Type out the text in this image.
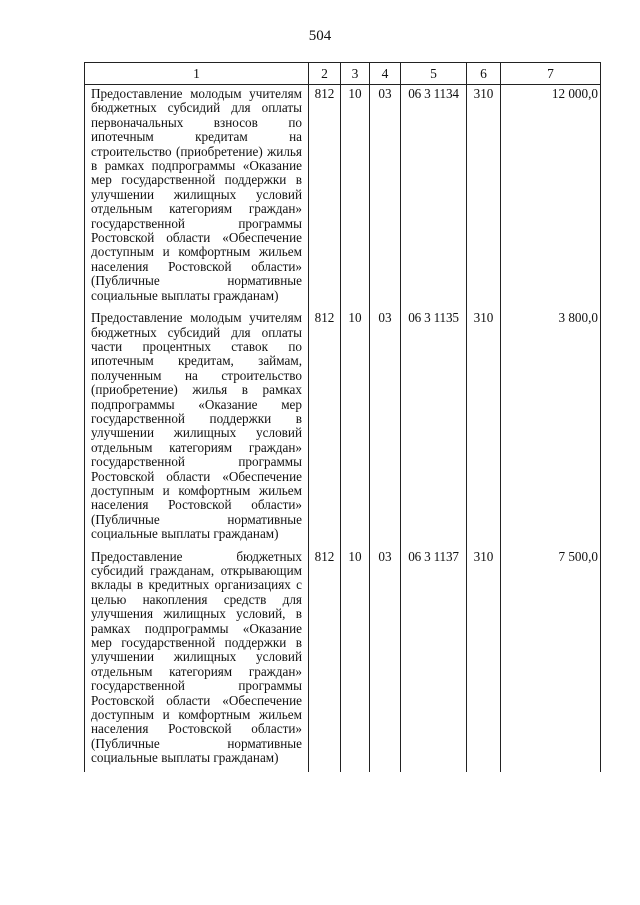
504
1	2	3	4	5	6	7

Предоставление молодым учителям бюджетных субсидий для оплаты первоначальных взносов по ипотечным кредитам на строительство (приобретение) жилья в рамках подпрограммы «Оказание мер государственной поддержки в улучшении жилищных условий отдельным категориям граждан» государственной программы Ростовской области «Обеспечение доступным и комфортным жильем населения Ростовской области» (Публичные нормативные социальные выплаты гражданам)	812	10	03	06 3 1134	310	12 000,0

Предоставление молодым учителям бюджетных субсидий для оплаты части процентных ставок по ипотечным кредитам, займам, полученным на строительство (приобретение) жилья в рамках подпрограммы «Оказание мер государственной поддержки в улучшении жилищных условий отдельным категориям граждан» государственной программы Ростовской области «Обеспечение доступным и комфортным жильем населения Ростовской области» (Публичные нормативные социальные выплаты гражданам)	812	10	03	06 3 1135	310	3 800,0

Предоставление бюджетных субсидий гражданам, открывающим вклады в кредитных организациях с целью накопления средств для улучшения жилищных условий, в рамках подпрограммы «Оказание мер государственной поддержки в улучшении жилищных условий отдельным категориям граждан» государственной программы Ростовской области «Обеспечение доступным и комфортным жильем населения Ростовской области» (Публичные нормативные социальные выплаты гражданам)	812	10	03	06 3 1137	310	7 500,0
